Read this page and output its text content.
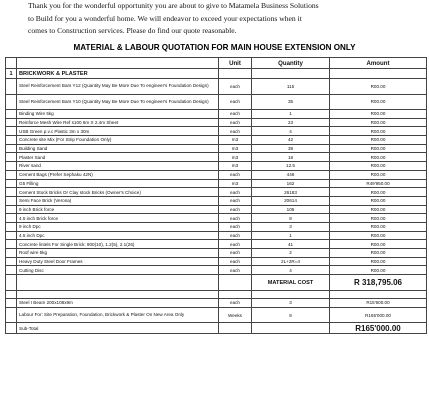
Thank you for the wonderful opportunity you are about to give to Matamela Business Solutions
to Build for you a wonderful home. We will endeavor to exceed your expectations when it
comes to Construction services. Please do find our quote reasonable.
MATERIAL & LABOUR QUOTATION FOR MAIN HOUSE EXTENSION ONLY
		Unit	Quantity	Amount
1	BRICKWORK & PLASTER			
	Steel Reinforcement Bars Y12 (Quantity May Be More Due To engineer's Foundation Design)	each	115	R00.00
	Steel Reinforcement Bars Y10 (Quantity May Be More Due To engineer's Foundation Design)	each	35	R00.00
	Binding Wire 5kg	each	1	R00.00
	Reinforce Mesh Wire Ref s100 6m X 2.4m Sheet	each	23	R00.00
	USB Green p.v.c Plastic 3m x 30m	each	4	R00.00
	Concrete site Mix (For Strip Foundation Only)	m3	42	R00.00
	Building Sand	m3	39	R00.00
	Plaster Sand	m3	18	R00.00
	River sand	m3	12.5	R00.00
	Cement Bags (Prefer Sephaku 42N)	each	446	R00.00
	G5 Filling	m3	162	R49'950.00
	Cement Stock Bricks Or Clay stock Bricks (Owner's Choice)	each	26183	R00.00
	Semi Face Brick (Verona)	each	20614	R00.00
	9 inch Brick force	each	105	R00.00
	4.5 inch Brick force	each	8	R00.00
	9 inch Dpc	each	3	R00.00
	4.5 inch Dpc	each	1	R00.00
	Concrete lintels For Single Brick: 900(10), 1.2(5), 2.1(26)	each	41	R00.00
	Roof wire 5kg	each	2	R00.00
	Heavy Duty Steel Door Frames	each	2L+2R=4	R00.00
	Cutting Disc	each	4	R00.00
			MATERIAL COST	R 318,795.06

	Steel I Beam 200x108x9m	each	3	R15'600.00
	Labour For: Site Preparation, Foundation, Brickwork & Plaster On New Area Only	Weeks	8	R165'000.00
	Sub-Total			R165'000.00
